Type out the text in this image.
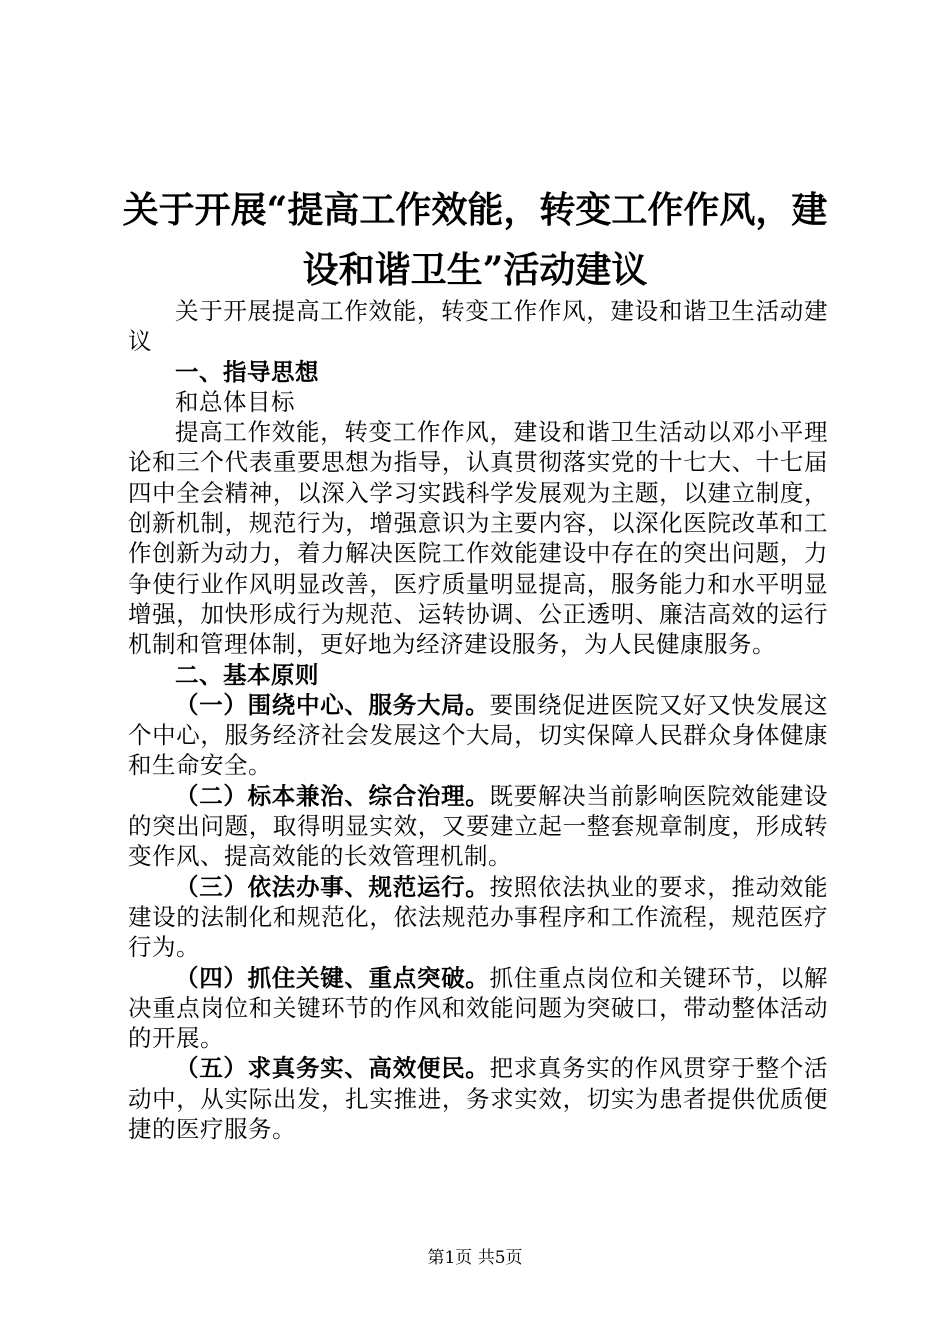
关于开展“提高工作效能，转变工作作风，建
设和谐卫生”活动建议

关于开展提高工作效能，转变工作作风，建设和谐卫生活动建议

一、指导思想

和总体目标

提高工作效能，转变工作作风，建设和谐卫生活动以邓小平理论和三个代表重要思想为指导，认真贯彻落实党的十七大、十七届四中全会精神，以深入学习实践科学发展观为主题，以建立制度，创新机制，规范行为，增强意识为主要内容，以深化医院改革和工作创新为动力，着力解决医院工作效能建设中存在的突出问题，力争使行业作风明显改善，医疗质量明显提高，服务能力和水平明显增强，加快形成行为规范、运转协调、公正透明、廉洁高效的运行机制和管理体制，更好地为经济建设服务，为人民健康服务。

二、基本原则

（一）围绕中心、服务大局。要围绕促进医院又好又快发展这个中心，服务经济社会发展这个大局，切实保障人民群众身体健康和生命安全。

（二）标本兼治、综合治理。既要解决当前影响医院效能建设的突出问题，取得明显实效，又要建立起一整套规章制度，形成转变作风、提高效能的长效管理机制。

（三）依法办事、规范运行。按照依法执业的要求，推动效能建设的法制化和规范化，依法规范办事程序和工作流程，规范医疗行为。

（四）抓住关键、重点突破。抓住重点岗位和关键环节，以解决重点岗位和关键环节的作风和效能问题为突破口，带动整体活动的开展。

（五）求真务实、高效便民。把求真务实的作风贯穿于整个活动中，从实际出发，扎实推进，务求实效，切实为患者提供优质便捷的医疗服务。

第1页 共5页
